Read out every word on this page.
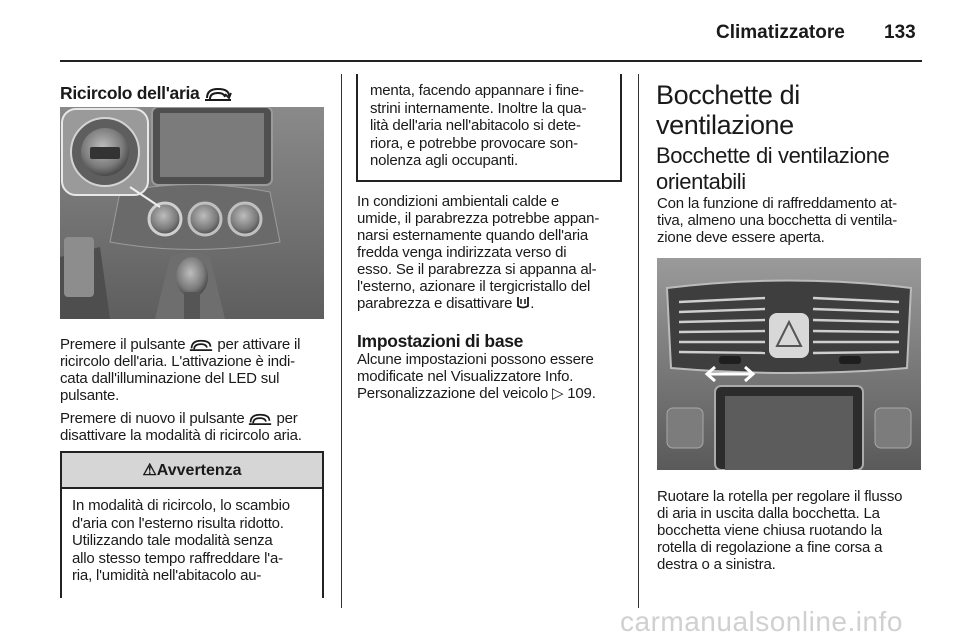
Climatizzatore 133
Ricircolo dell'aria
Premere il pulsante per attivare il
ricircolo dell'aria. L'attivazione è indi-
cata dall'illuminazione del LED sul
pulsante.
Premere di nuovo il pulsante per
disattivare la modalità di ricircolo aria.
⚠Avvertenza
In modalità di ricircolo, lo scambio
d'aria con l'esterno risulta ridotto.
Utilizzando tale modalità senza
allo stesso tempo raffreddare l'a-
ria, l'umidità nell'abitacolo au-
menta, facendo appannare i fine-
strini internamente. Inoltre la qua-
lità dell'aria nell'abitacolo si dete-
riora, e potrebbe provocare son-
nolenza agli occupanti.
In condizioni ambientali calde e
umide, il parabrezza potrebbe appan-
narsi esternamente quando dell'aria
fredda venga indirizzata verso di
esso. Se il parabrezza si appanna al-
l'esterno, azionare il tergicristallo del
parabrezza e disattivare .
Impostazioni di base
Alcune impostazioni possono essere
modificate nel Visualizzatore Info.
Personalizzazione del veicolo ▷ 109.
Bocchette di
ventilazione
Bocchette di ventilazione
orientabili
Con la funzione di raffreddamento at-
tiva, almeno una bocchetta di ventila-
zione deve essere aperta.
Ruotare la rotella per regolare il flusso
di aria in uscita dalla bocchetta. La
bocchetta viene chiusa ruotando la
rotella di regolazione a fine corsa a
destra o a sinistra.
carmanualsonline.info
